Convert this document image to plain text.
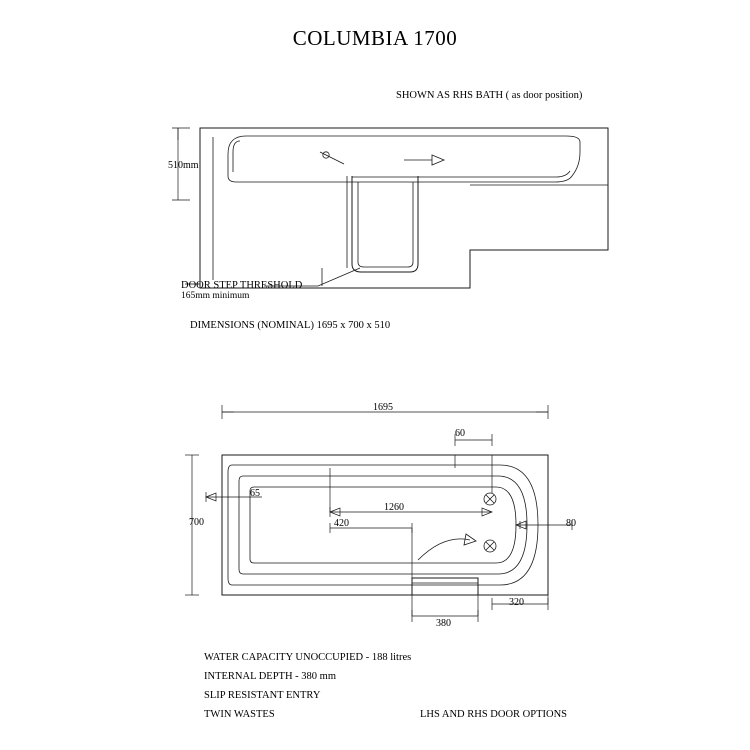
COLUMBIA 1700
SHOWN AS RHS BATH ( as door position)
510mm
DOOR STEP THRESHOLD
165mm minimum
DIMENSIONS (NOMINAL) 1695 x 700 x 510
1695
60
65
1260
420	80
700
380
320
WATER CAPACITY UNOCCUPIED - 188 litres
INTERNAL DEPTH - 380 mm
SLIP RESISTANT ENTRY
TWIN WASTES	LHS AND RHS DOOR OPTIONS
